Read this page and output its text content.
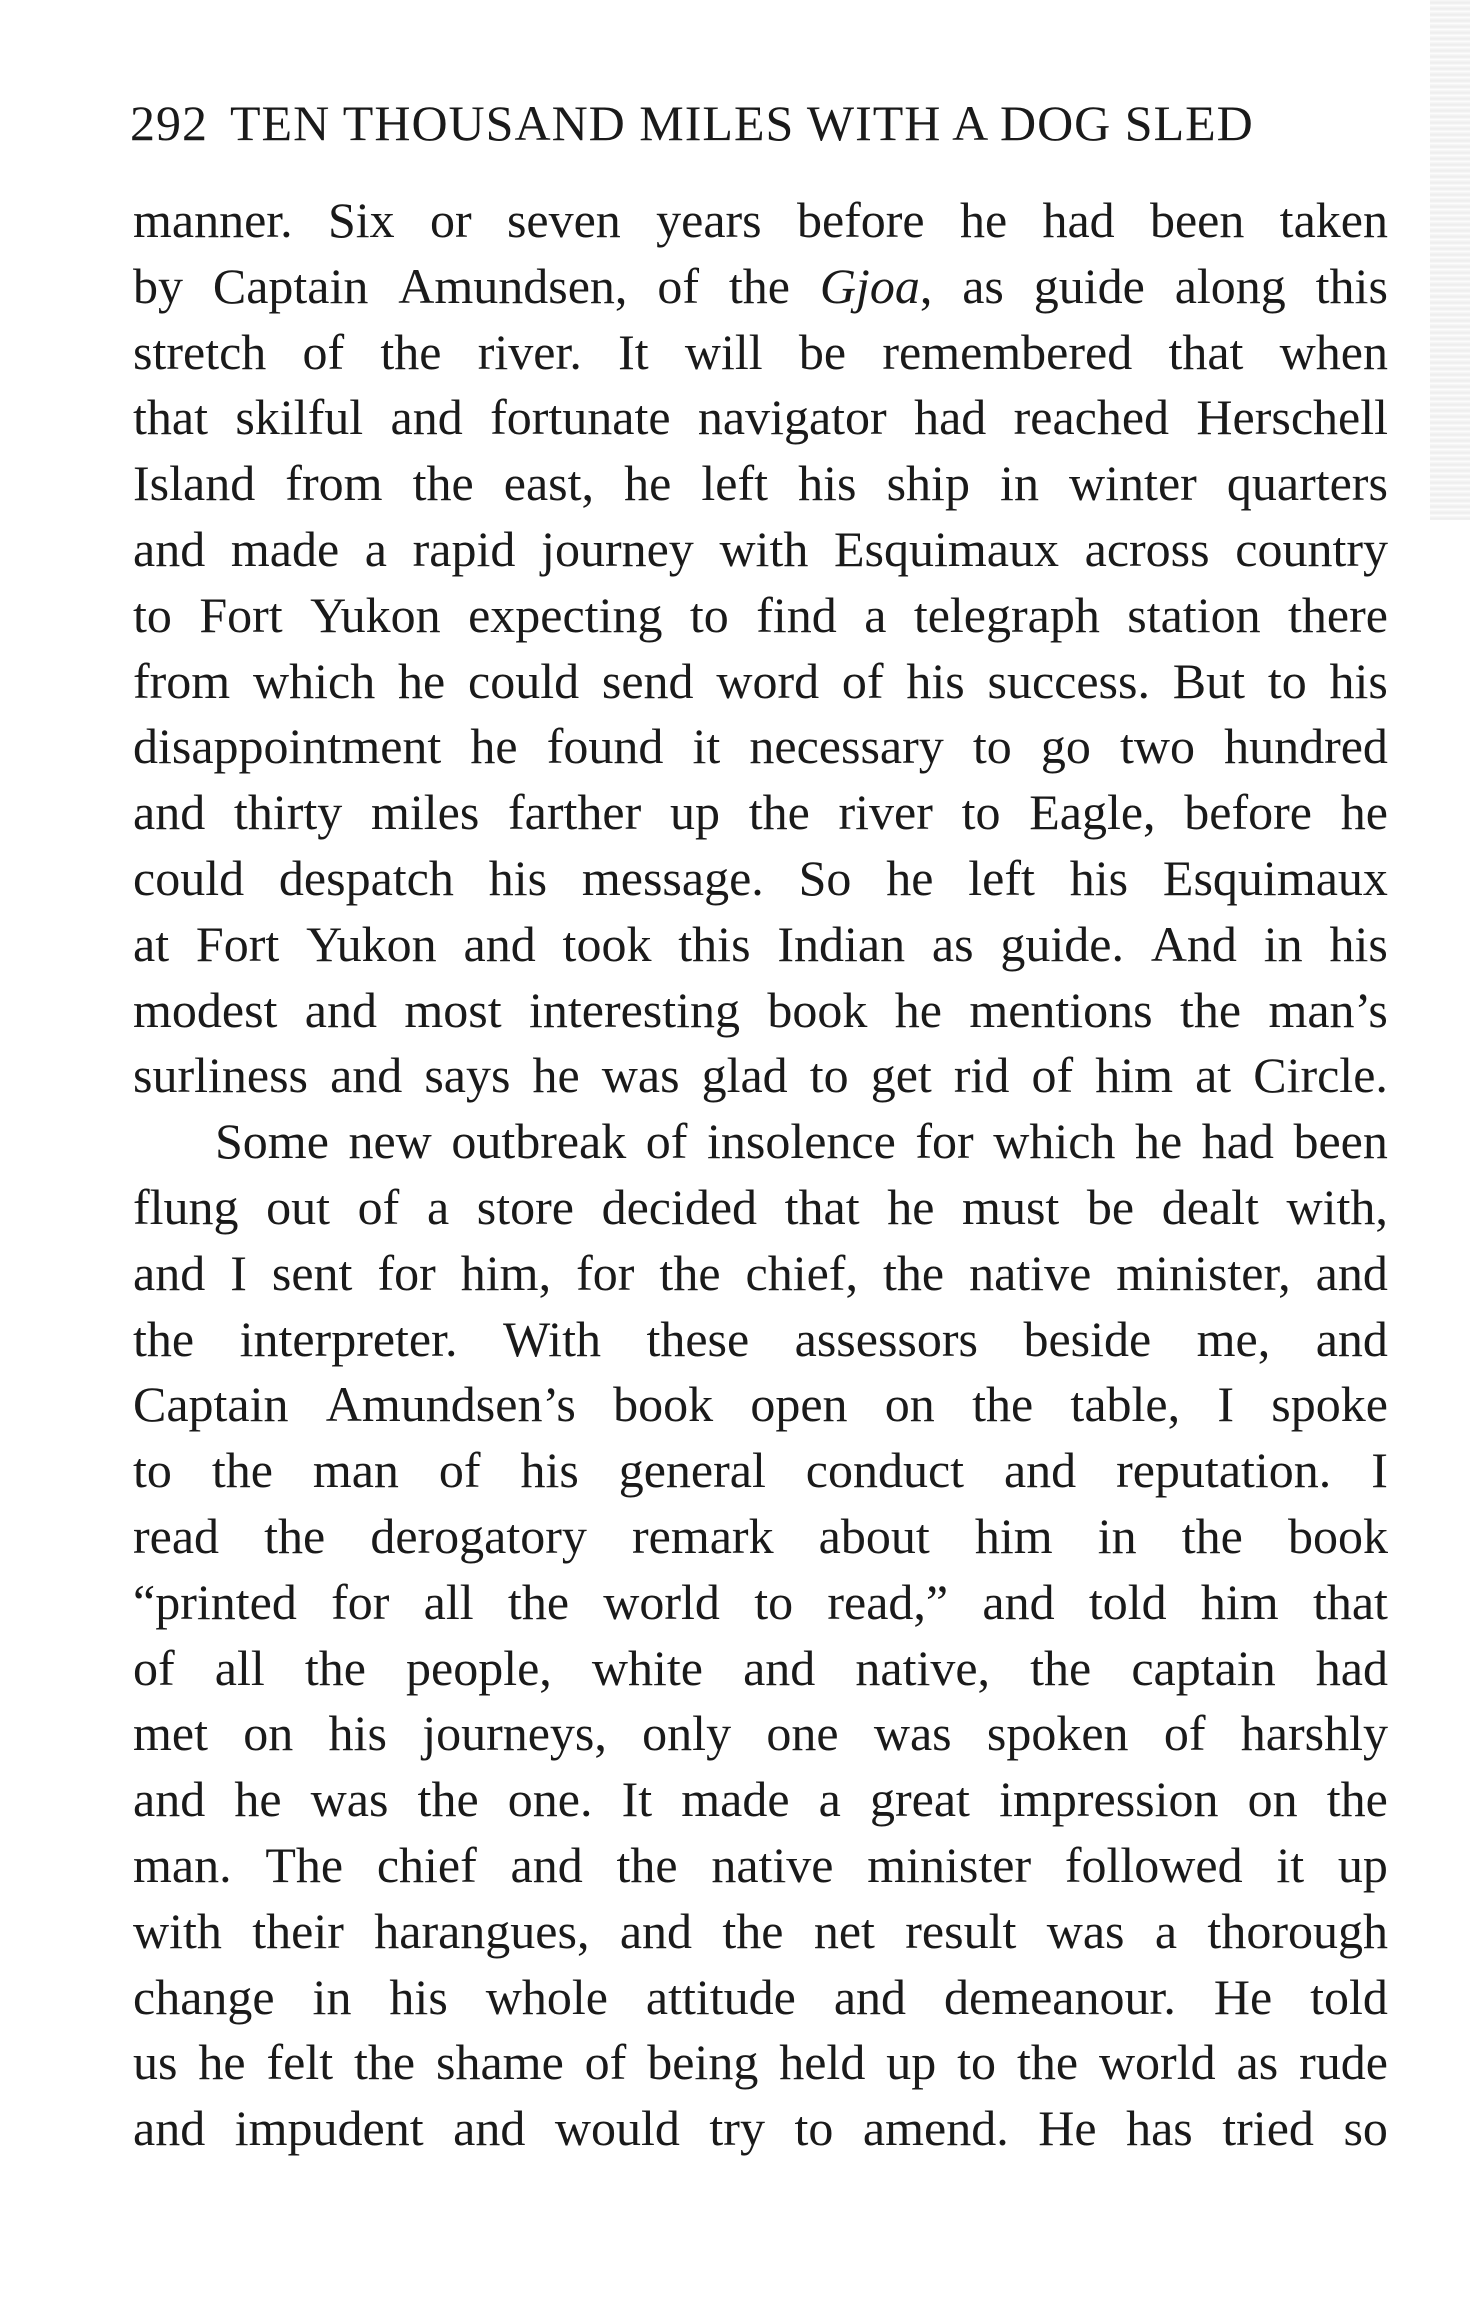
292 TEN THOUSAND MILES WITH A DOG SLED
manner. Six or seven years before he had been taken
by Captain Amundsen, of the Gjoa, as guide along this
stretch of the river. It will be remembered that when
that skilful and fortunate navigator had reached Herschell
Island from the east, he left his ship in winter quarters
and made a rapid journey with Esquimaux across country
to Fort Yukon expecting to find a telegraph station there
from which he could send word of his success. But to his
disappointment he found it necessary to go two hundred
and thirty miles farther up the river to Eagle, before he
could despatch his message. So he left his Esquimaux
at Fort Yukon and took this Indian as guide. And in his
modest and most interesting book he mentions the man’s
surliness and says he was glad to get rid of him at Circle.
Some new outbreak of insolence for which he had been
flung out of a store decided that he must be dealt with,
and I sent for him, for the chief, the native minister, and
the interpreter. With these assessors beside me, and
Captain Amundsen’s book open on the table, I spoke
to the man of his general conduct and reputation. I
read the derogatory remark about him in the book
“printed for all the world to read,” and told him that
of all the people, white and native, the captain had
met on his journeys, only one was spoken of harshly
and he was the one. It made a great impression on the
man. The chief and the native minister followed it up
with their harangues, and the net result was a thorough
change in his whole attitude and demeanour. He told
us he felt the shame of being held up to the world as rude
and impudent and would try to amend. He has tried so
